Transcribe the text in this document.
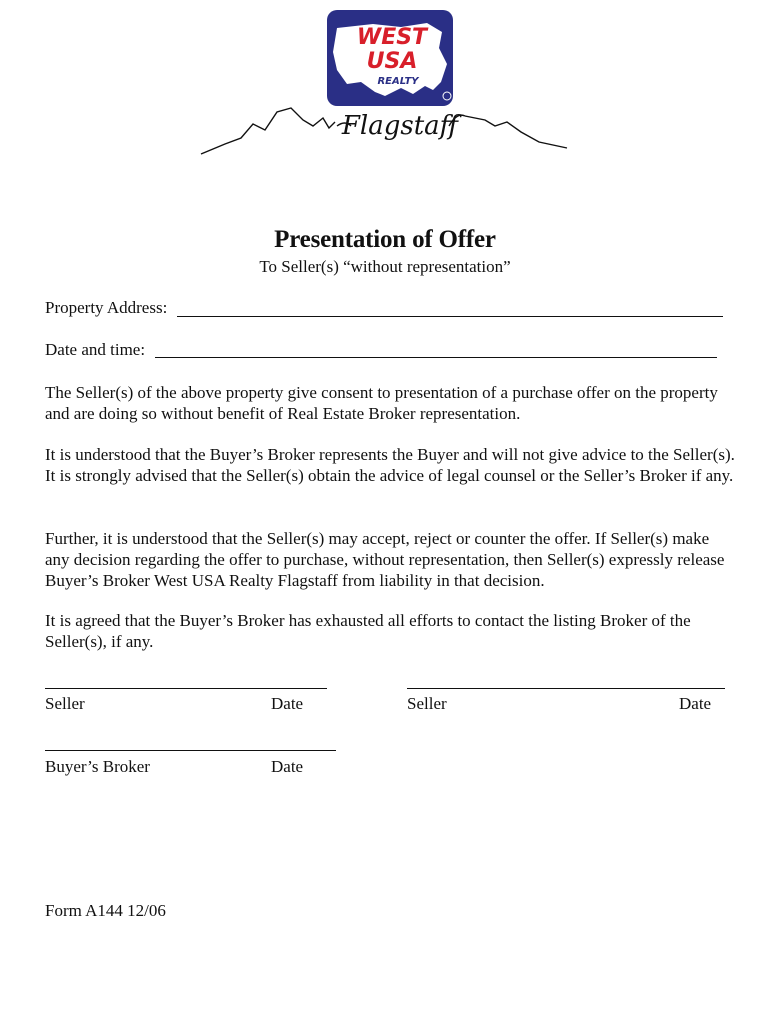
WEST
USA
REALTY
Flagstaff
Presentation of Offer
To Seller(s) “without representation”
Property Address:
Date and time:

The Seller(s) of the above property give consent to presentation of a purchase offer on the property and are doing so without benefit of Real Estate Broker representation.

It is understood that the Buyer’s Broker represents the Buyer and will not give advice to the Seller(s). It is strongly advised that the Seller(s) obtain the advice of legal counsel or the Seller’s Broker if any.

Further, it is understood that the Seller(s) may accept, reject or counter the offer. If Seller(s) make any decision regarding the offer to purchase, without representation, then Seller(s) expressly release Buyer’s Broker West USA Realty Flagstaff from liability in that decision.

It is agreed that the Buyer’s Broker has exhausted all efforts to contact the listing Broker of the Seller(s), if any.

Seller	Date	Seller	Date
Buyer’s Broker	Date
Form A144 12/06
